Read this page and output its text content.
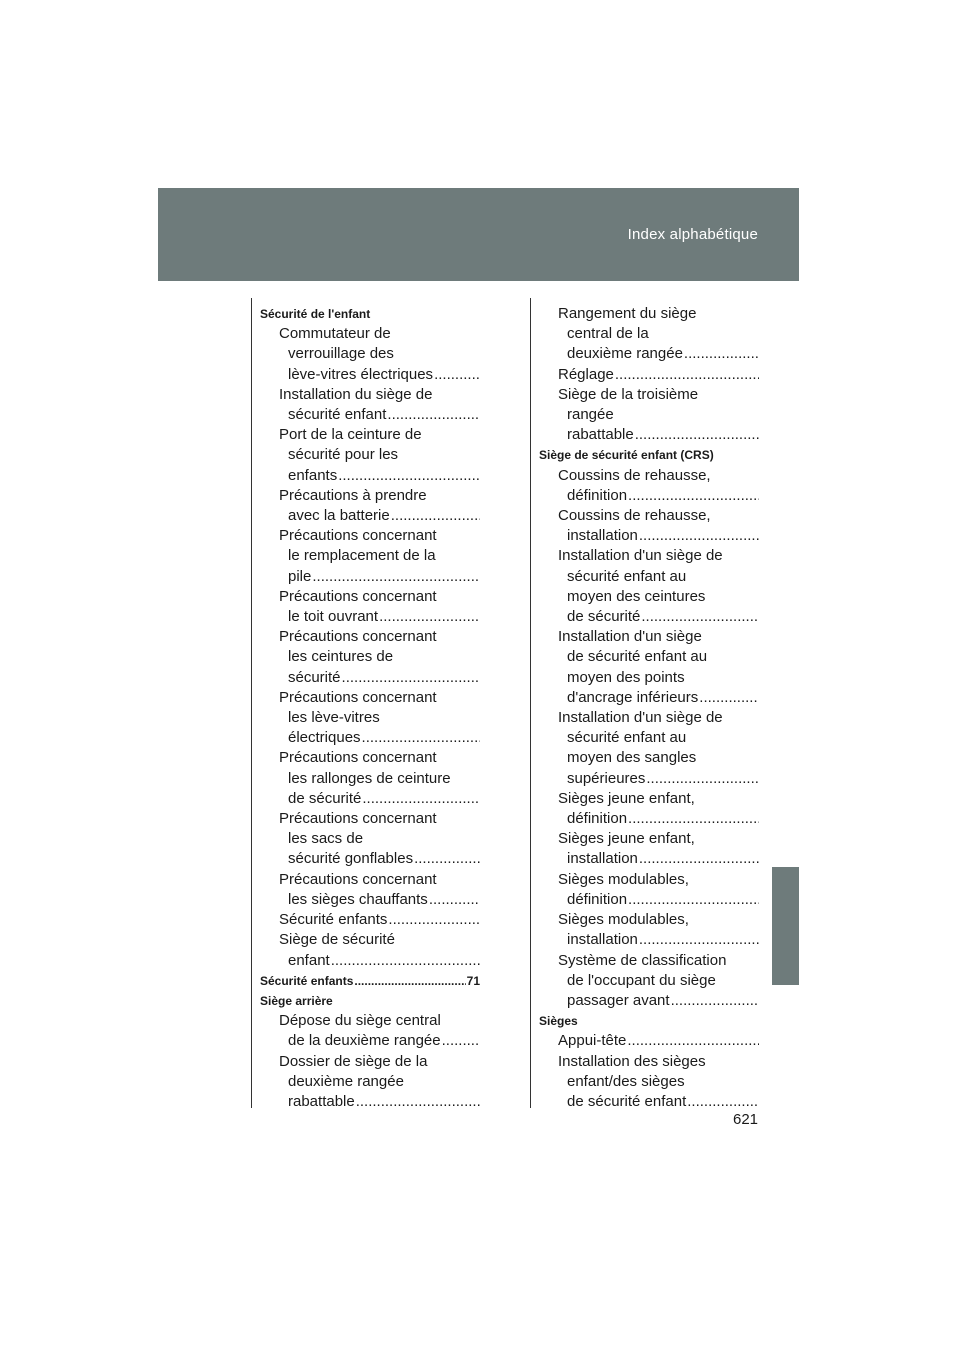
Index alphabétique
Sécurité de l'enfant
Commutateur de
verrouillage des
lève-vitres électriques.....
Installation du siège de
sécurité enfant.....
Port de la ceinture de
sécurité pour les
enfants.....
Précautions à prendre
avec la batterie.....
Précautions concernant
le remplacement de la
pile.....
Précautions concernant
le toit ouvrant.....
Précautions concernant
les ceintures de
sécurité.....
Précautions concernant
les lève-vitres
électriques.....
Précautions concernant
les rallonges de ceinture
de sécurité.....
Précautions concernant
les sacs de
sécurité gonflables.....
Précautions concernant
les sièges chauffants.....
Sécurité enfants.....
Siège de sécurité
enfant.....
Sécurité enfants
.....	71
Siège arrière
Dépose du siège central
de la deuxième rangée.....
Dossier de siège de la
deuxième rangée
rabattable.....
Rangement du siège
central de la
deuxième rangée.....
Réglage.....
Siège de la troisième
rangée
rabattable.....
Siège de sécurité enfant (CRS)
Coussins de rehausse,
définition.....
Coussins de rehausse,
installation.....
Installation d'un siège de
sécurité enfant au
moyen des ceintures
de sécurité.....
Installation d'un siège
de sécurité enfant au
moyen des points
d'ancrage inférieurs.....
Installation d'un siège de
sécurité enfant au
moyen des sangles
supérieures.....
Sièges jeune enfant,
définition.....
Sièges jeune enfant,
installation.....
Sièges modulables,
définition.....
Sièges modulables,
installation.....
Système de classification
de l'occupant du siège
passager avant.....
Sièges
Appui-tête.....
Installation des sièges
enfant/des sièges
de sécurité enfant.....
621
